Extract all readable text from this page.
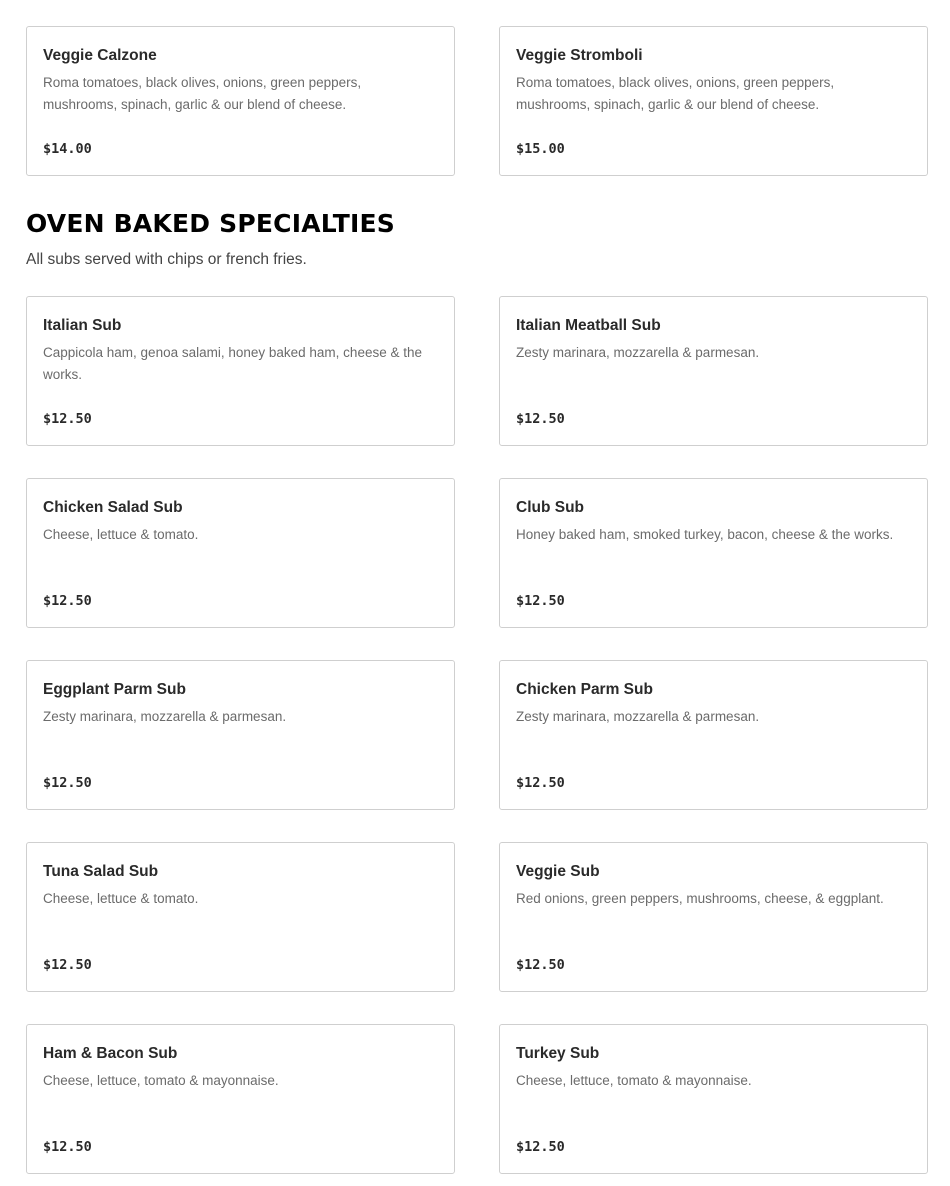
Veggie Calzone
Roma tomatoes, black olives, onions, green peppers, mushrooms, spinach, garlic & our blend of cheese.
$14.00
Veggie Stromboli
Roma tomatoes, black olives, onions, green peppers, mushrooms, spinach, garlic & our blend of cheese.
$15.00
OVEN BAKED SPECIALTIES

All subs served with chips or french fries.

Italian Sub
Cappicola ham, genoa salami, honey baked ham, cheese & the works.
$12.50
Italian Meatball Sub
Zesty marinara, mozzarella & parmesan.
$12.50
Chicken Salad Sub
Cheese, lettuce & tomato.
$12.50
Club Sub
Honey baked ham, smoked turkey, bacon, cheese & the works.
$12.50
Eggplant Parm Sub
Zesty marinara, mozzarella & parmesan.
$12.50
Chicken Parm Sub
Zesty marinara, mozzarella & parmesan.
$12.50
Tuna Salad Sub
Cheese, lettuce & tomato.
$12.50
Veggie Sub
Red onions, green peppers, mushrooms, cheese, & eggplant.
$12.50
Ham & Bacon Sub
Cheese, lettuce, tomato & mayonnaise.
$12.50
Turkey Sub
Cheese, lettuce, tomato & mayonnaise.
$12.50
